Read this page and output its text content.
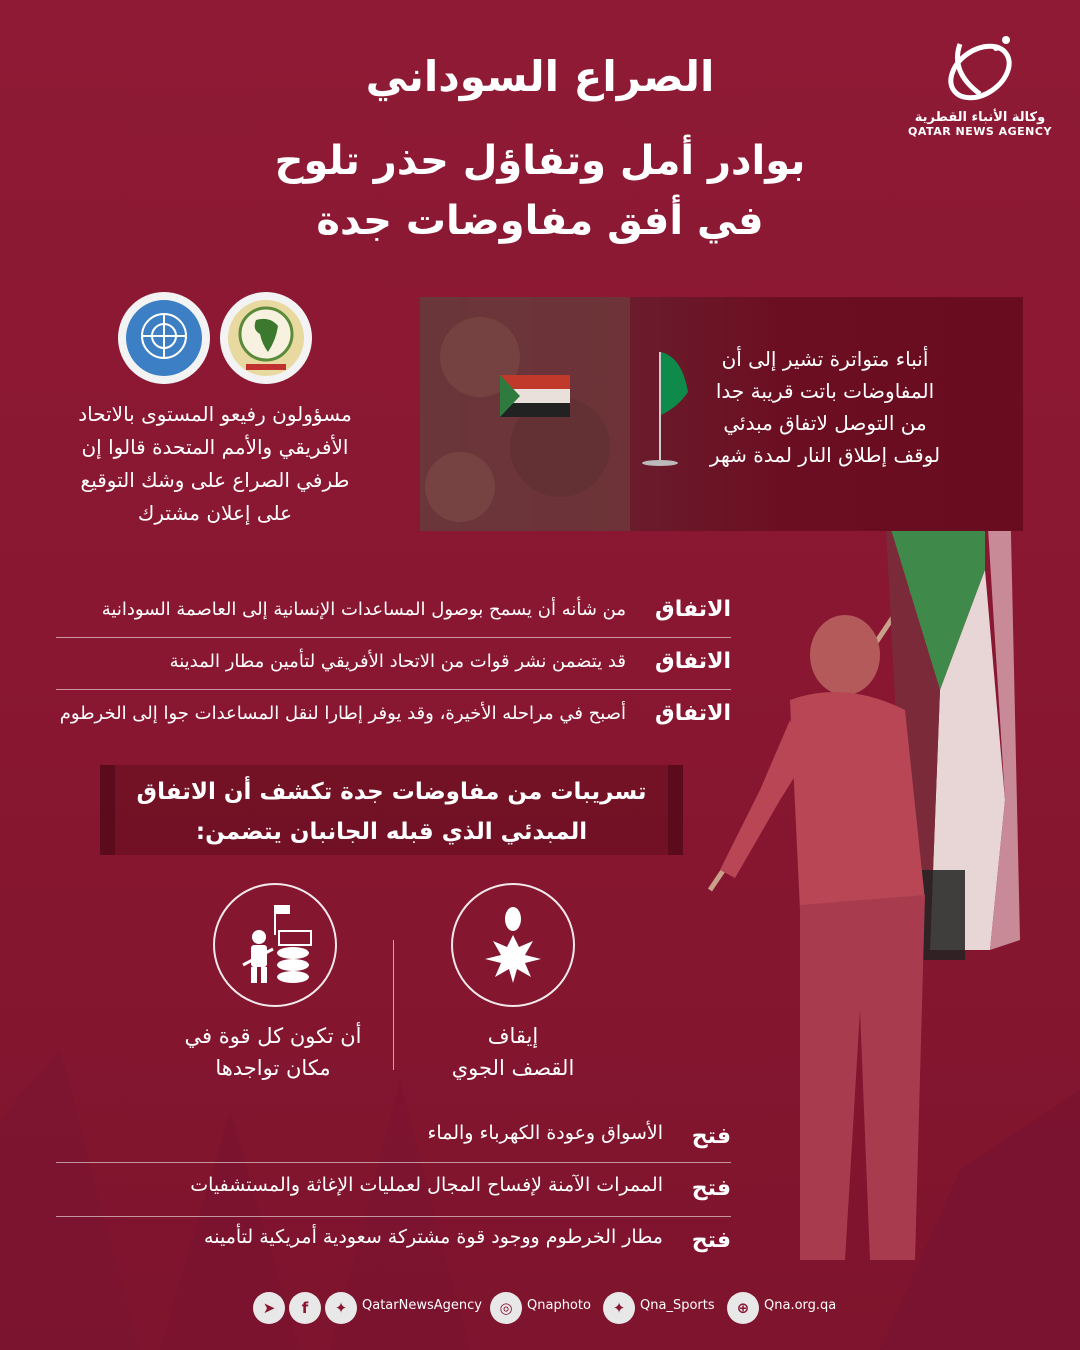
وكالة الأنباء القطرية
QATAR NEWS AGENCY
الصراع السوداني
بوادر أمل وتفاؤل حذر تلوح
في أفق مفاوضات جدة
أنباء متواترة تشير إلى أن
المفاوضات باتت قريبة جدا
من التوصل لاتفاق مبدئي
لوقف إطلاق النار لمدة شهر
مسؤولون رفيعو المستوى بالاتحاد
الأفريقي والأمم المتحدة قالوا إن
طرفي الصراع على وشك التوقيع
على إعلان مشترك
الاتفاق
من شأنه أن يسمح بوصول المساعدات الإنسانية إلى العاصمة السودانية
الاتفاق
قد يتضمن نشر قوات من الاتحاد الأفريقي لتأمين مطار المدينة
الاتفاق
أصبح في مراحله الأخيرة، وقد يوفر إطارا لنقل المساعدات جوا إلى الخرطوم
تسريبات من مفاوضات جدة تكشف أن الاتفاق
المبدئي الذي قبله الجانبان يتضمن:
إيقاف
القصف الجوي
أن تكون كل قوة في
مكان تواجدها
فتح
الأسواق وعودة الكهرباء والماء
فتح
الممرات الآمنة لإفساح المجال لعمليات الإغاثة والمستشفيات
فتح
مطار الخرطوم ووجود قوة مشتركة سعودية أمريكية لتأمينه
➤	f	✦	QatarNewsAgency	◎	Qnaphoto	✦	Qna_Sports	⊕	Qna.org.qa
